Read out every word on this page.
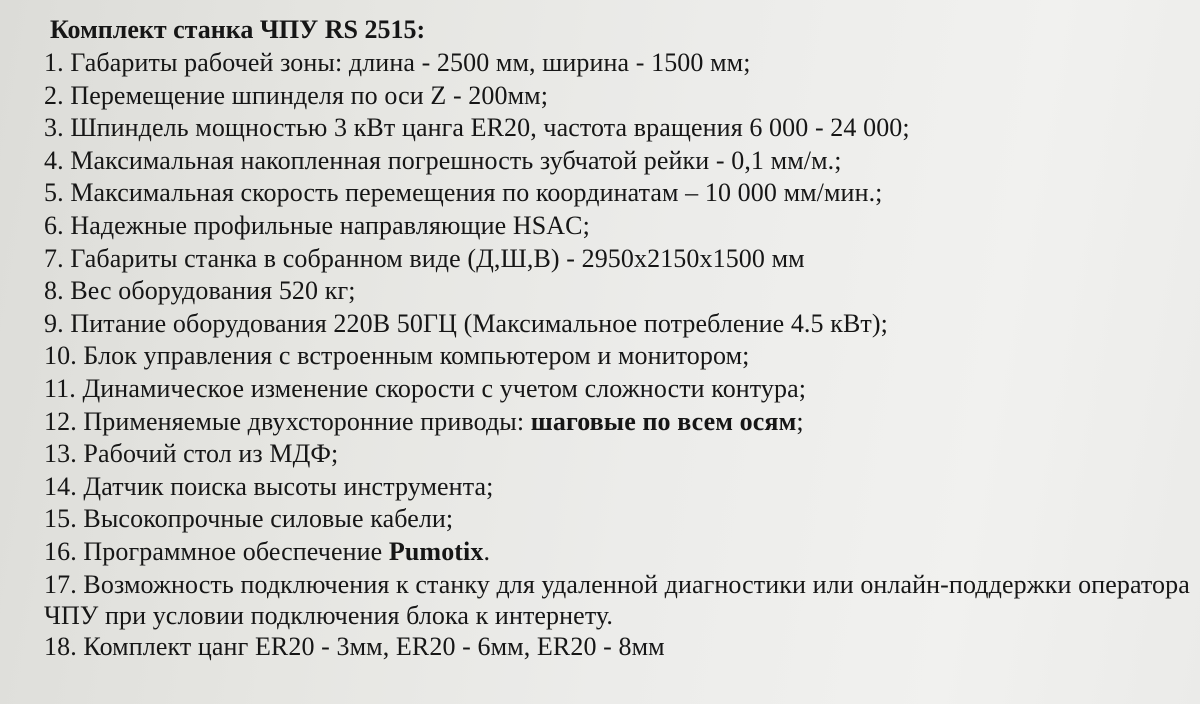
Комплект станка ЧПУ RS 2515:
1. Габариты рабочей зоны: длина - 2500 мм, ширина - 1500 мм;
2. Перемещение шпинделя по оси Z - 200мм;
3. Шпиндель мощностью 3 кВт цанга ER20, частота вращения 6 000 - 24 000;
4. Максимальная накопленная погрешность зубчатой рейки - 0,1 мм/м.;
5. Максимальная скорость перемещения по координатам – 10 000 мм/мин.;
6. Надежные профильные направляющие HSAC;
7. Габариты станка в собранном виде (Д,Ш,В) - 2950х2150х1500 мм
8. Вес оборудования 520 кг;
9. Питание оборудования 220В 50ГЦ (Максимальное потребление 4.5 кВт);
10. Блок управления с встроенным компьютером и монитором;
11. Динамическое изменение скорости с учетом сложности контура;
12. Применяемые двухсторонние приводы: шаговые по всем осям;
13. Рабочий стол из МДФ;
14. Датчик поиска высоты инструмента;
15. Высокопрочные силовые кабели;
16. Программное обеспечение Pumotix.
17. Возможность подключения к станку для удаленной диагностики или онлайн-поддержки оператора ЧПУ при условии подключения блока к интернету.
18. Комплект цанг ER20 - 3мм, ER20 - 6мм, ER20 - 8мм
